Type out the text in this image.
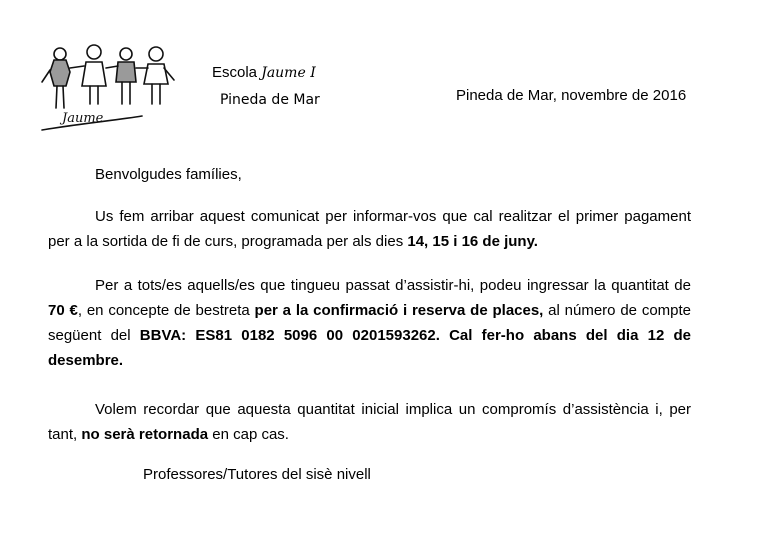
Jaume
Escola Jaume I
Pineda de Mar	Pineda de Mar, novembre de 2016
Benvolgudes famílies,

Us fem arribar aquest comunicat per informar-vos que cal realitzar el primer pagament per a la sortida de fi de curs, programada per als dies 14, 15 i 16 de juny.

Per a tots/es aquells/es que tingueu passat d’assistir-hi, podeu ingressar la quantitat de 70 €, en concepte de bestreta per a la confirmació i reserva de places, al número de compte següent del BBVA: ES81 0182 5096 00 0201593262. Cal fer-ho abans del dia 12 de desembre.

Volem recordar que aquesta quantitat inicial implica un compromís d’assistència i, per tant, no serà retornada en cap cas.

Professores/Tutores del sisè nivell
